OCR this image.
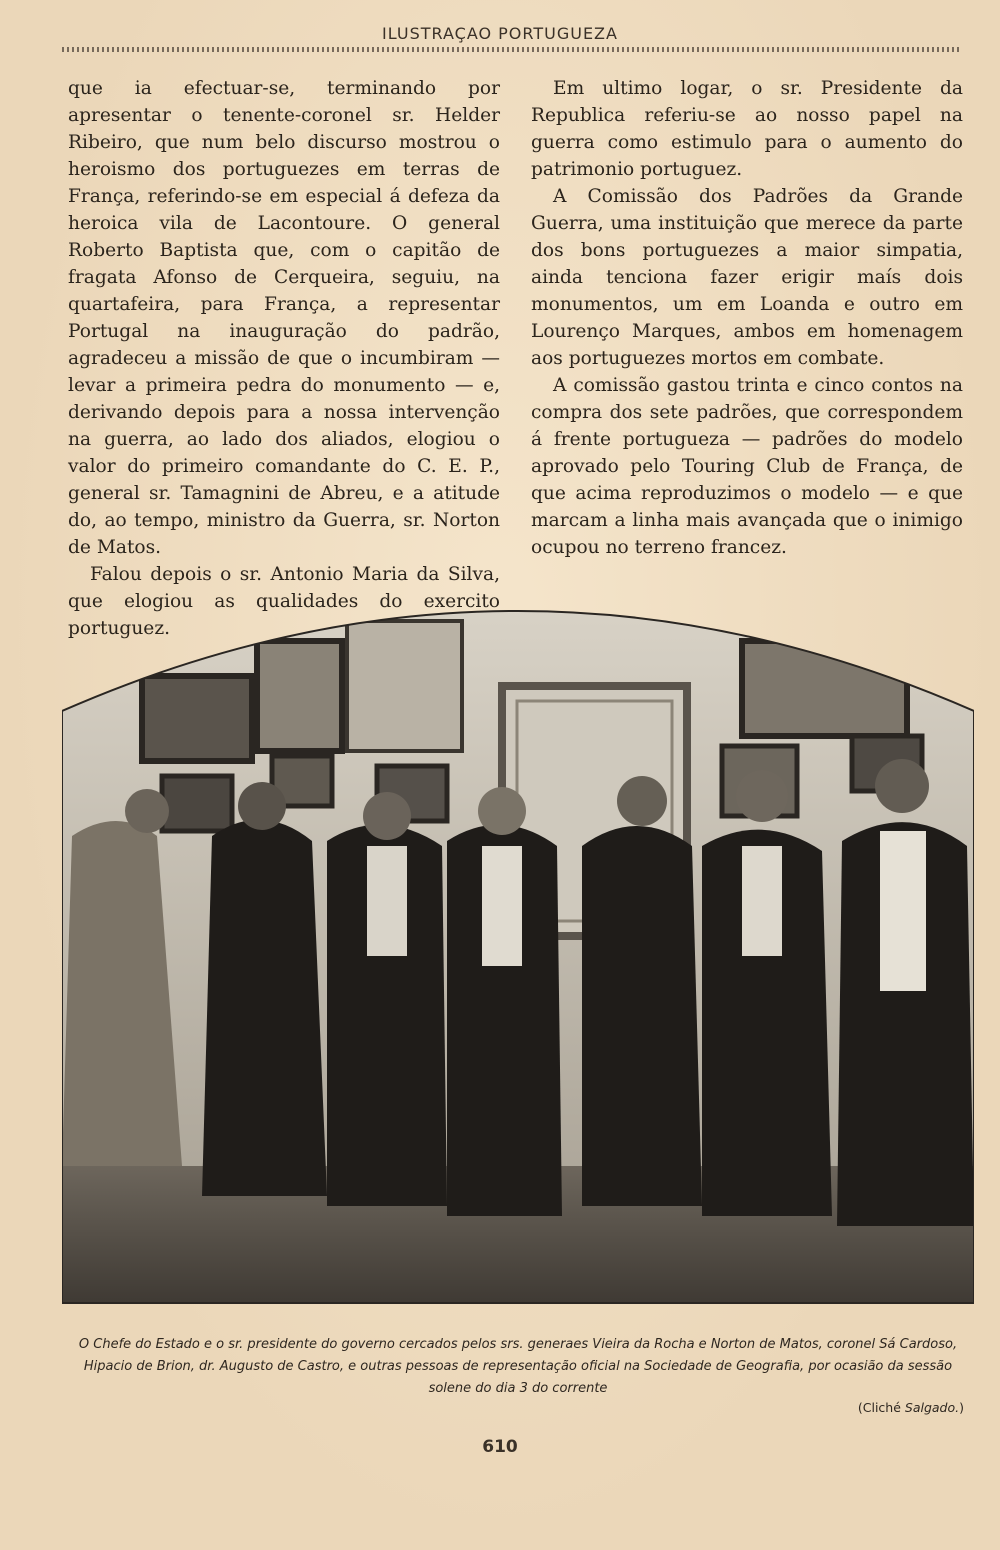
ILUSTRAÇAO PORTUGUEZA

que ia efectuar-se, terminando por apresentar o tenente-coronel sr. Helder Ribeiro, que num belo discurso mostrou o heroismo dos portuguezes em terras de França, referindo-se em especial á defeza da heroica vila de Lacontoure. O general Roberto Baptista que, com o capitão de fragata Afonso de Cerqueira, seguiu, na quartafeira, para França, a representar Portugal na inauguração do padrão, agradeceu a missão de que o incumbiram — levar a primeira pedra do monumento — e, derivando depois para a nossa intervenção na guerra, ao lado dos aliados, elogiou o valor do primeiro comandante do C. E. P., general sr. Tamagnini de Abreu, e a atitude do, ao tempo, ministro da Guerra, sr. Norton de Matos.

Falou depois o sr. Antonio Maria da Silva, que elogiou as qualidades do exercito portuguez.

Em ultimo logar, o sr. Presidente da Republica referiu-se ao nosso papel na guerra como estimulo para o aumento do patrimonio portuguez.

A Comissão dos Padrões da Grande Guerra, uma instituição que merece da parte dos bons portuguezes a maior simpatia, ainda tenciona fazer erigir maís dois monumentos, um em Loanda e outro em Lourenço Marques, ambos em homenagem aos portuguezes mortos em combate.

A comissão gastou trinta e cinco contos na compra dos sete padrões, que correspondem á frente portugueza — padrões do modelo aprovado pelo Touring Club de França, de que acima reproduzimos o modelo — e que marcam a linha mais avançada que o inimigo ocupou no terreno francez.

O Chefe do Estado e o sr. presidente do governo cercados pelos srs. generaes Vieira da Rocha e Norton de Matos, coronel Sá Cardoso, Hipacio de Brion, dr. Augusto de Castro, e outras pessoas de representação oficial na Sociedade de Geografia, por ocasião da sessão solene do dia 3 do corrente
(Cliché Salgado.)
610
